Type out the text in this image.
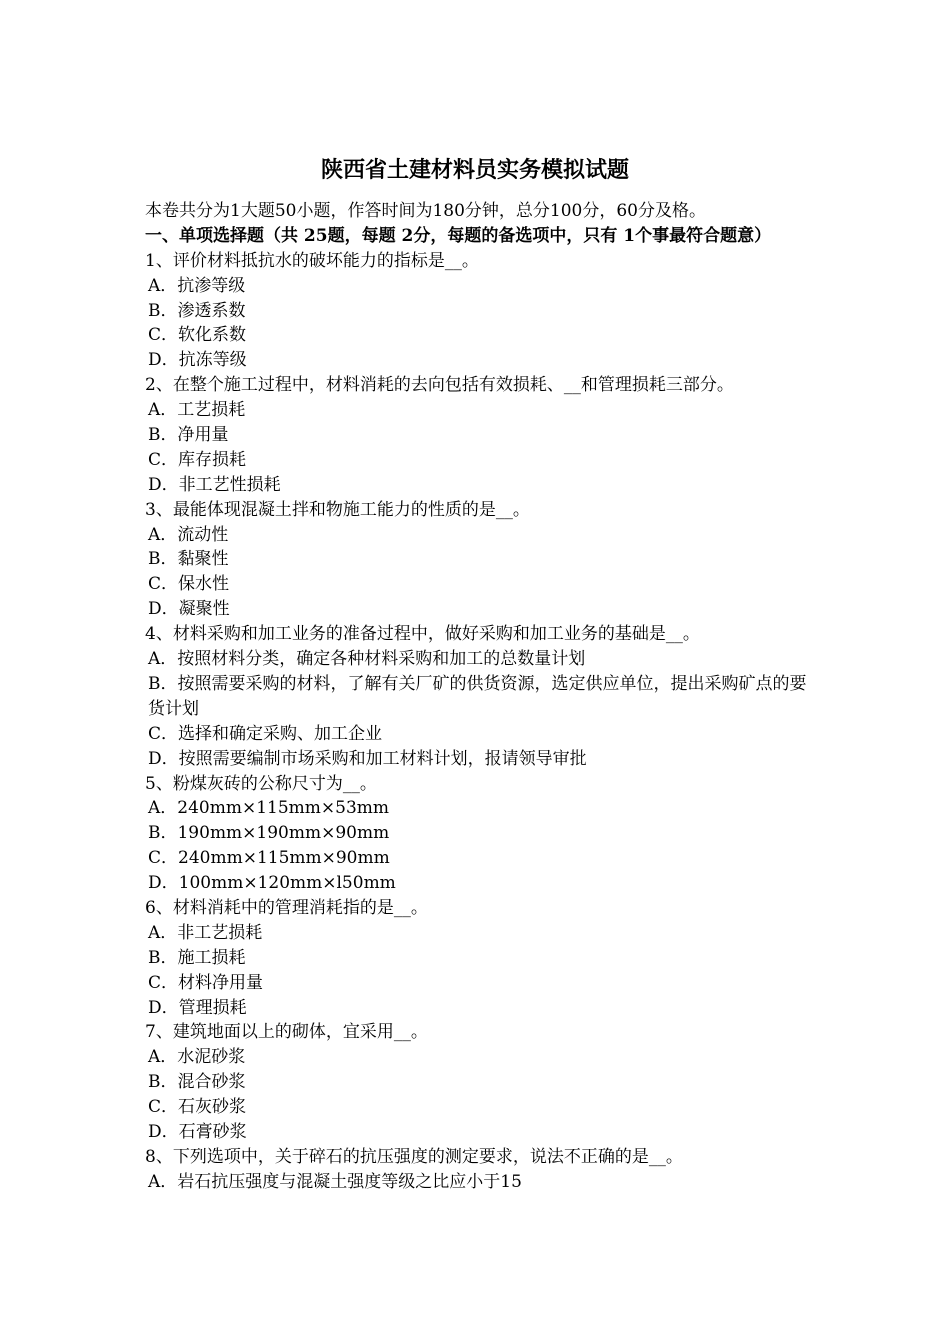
陕西省土建材料员实务模拟试题
本卷共分为1大题50小题，作答时间为180分钟，总分100分，60分及格。
一、单项选择题（共 25题，每题 2分，每题的备选项中，只有 1个事最符合题意）
1、评价材料抵抗水的破坏能力的指标是__。
A．抗渗等级
B．渗透系数
C．软化系数
D．抗冻等级
2、在整个施工过程中，材料消耗的去向包括有效损耗、__和管理损耗三部分。
A．工艺损耗
B．净用量
C．库存损耗
D．非工艺性损耗
3、最能体现混凝土拌和物施工能力的性质的是__。
A．流动性
B．黏聚性
C．保水性
D．凝聚性
4、材料采购和加工业务的准备过程中，做好采购和加工业务的基础是__。
A．按照材料分类，确定各种材料采购和加工的总数量计划
B．按照需要采购的材料，了解有关厂矿的供货资源，选定供应单位，提出采购矿点的要货计划
C．选择和确定采购、加工企业
D．按照需要编制市场采购和加工材料计划，报请领导审批
5、粉煤灰砖的公称尺寸为__。
A．240mm×115mm×53mm
B．190mm×190mm×90mm
C．240mm×115mm×90mm
D．100mm×120mm×l50mm
6、材料消耗中的管理消耗指的是__。
A．非工艺损耗
B．施工损耗
C．材料净用量
D．管理损耗
7、建筑地面以上的砌体，宜采用__。
A．水泥砂浆
B．混合砂浆
C．石灰砂浆
D．石膏砂浆
8、下列选项中，关于碎石的抗压强度的测定要求，说法不正确的是__。
A．岩石抗压强度与混凝土强度等级之比应小于15
